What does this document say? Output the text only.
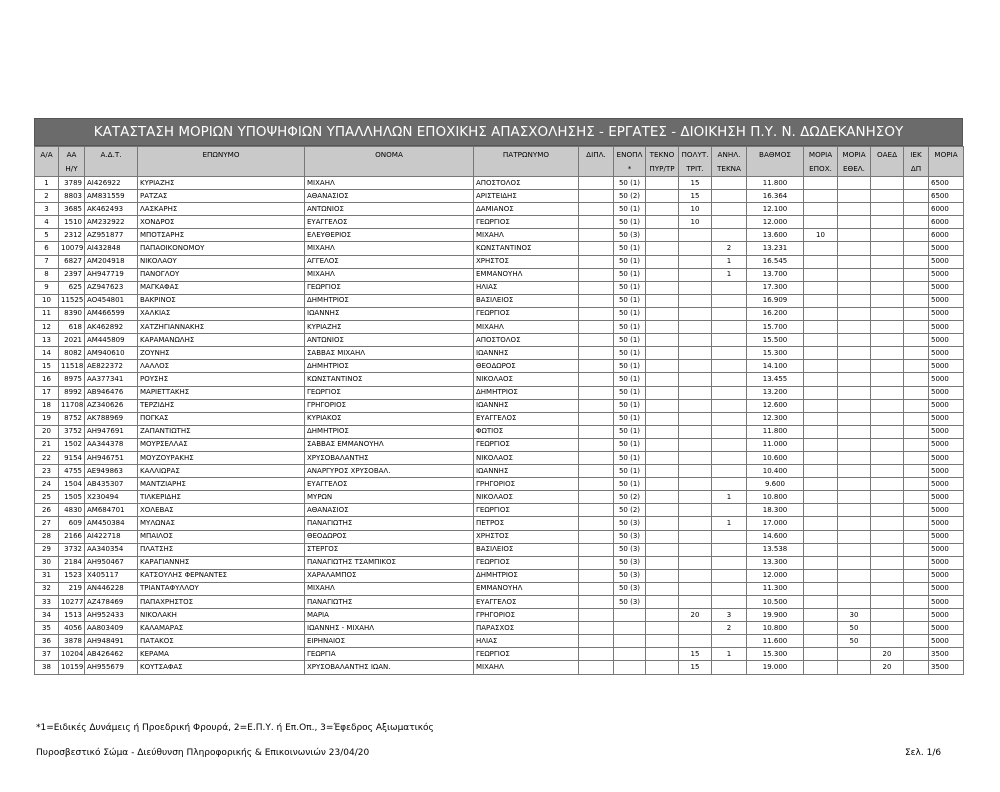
ΚΑΤΑΣΤΑΣΗ ΜΟΡΙΩΝ ΥΠΟΨΗΦΙΩΝ ΥΠΑΛΛΗΛΩΝ ΕΠΟΧΙΚΗΣ ΑΠΑΣΧΟΛΗΣΗΣ - ΕΡΓΑΤΕΣ - ΔΙΟΙΚΗΣΗ Π.Υ. Ν. ΔΩΔΕΚΑΝΗΣΟΥ
Α/Α	ΑΑ	Α.Δ.Τ.	ΕΠΩΝΥΜΟ	ΟΝΟΜΑ	ΠΑΤΡΩΝΥΜΟ	ΔΙΠΛ.	ΕΝΟΠΛ	ΤΕΚΝΟ	ΠΟΛΥΤ.	ΑΝΗΛ.	ΒΑΘΜΟΣ	ΜΟΡΙΑ	ΜΟΡΙΑ	ΟΑΕΔ	ΙΕΚ	ΜΟΡΙΑ
	Η/Υ						*	ΠΥΡ/ΤΡ	ΤΡΙΤ.	ΤΕΚΝΑ		ΕΠΟΧ.	ΕΘΕΛ.		ΔΠ	
1	3789	ΑΙ426922	ΚΥΡΙΑΖΗΣ	ΜΙΧΑΗΛ	ΑΠΟΣΤΟΛΟΣ		50 (1)		15		11.800					6500
2	8803	ΑΜ831559	ΡΑΤΖΑΣ	ΑΘΑΝΑΣΙΟΣ	ΑΡΙΣΤΕΙΔΗΣ		50 (2)		15		16.364					6500
3	3685	ΑΚ462493	ΛΑΣΚΑΡΗΣ	ΑΝΤΩΝΙΟΣ	ΔΑΜΙΑΝΟΣ		50 (1)		10		12.100					6000
4	1510	ΑΜ232922	ΧΟΝΔΡΟΣ	ΕΥΑΓΓΕΛΟΣ	ΓΕΩΡΓΙΟΣ		50 (1)		10		12.000					6000
5	2312	ΑΖ951877	ΜΠΟΤΣΑΡΗΣ	ΕΛΕΥΘΕΡΙΟΣ	ΜΙΧΑΗΛ		50 (3)				13.600	10				6000
6	10079	ΑΙ432848	ΠΑΠΑΟΙΚΟΝΟΜΟΥ	ΜΙΧΑΗΛ	ΚΩΝΣΤΑΝΤΙΝΟΣ		50 (1)			2	13.231					5000
7	6827	ΑΜ204918	ΝΙΚΟΛΑΟΥ	ΑΓΓΕΛΟΣ	ΧΡΗΣΤΟΣ		50 (1)			1	16.545					5000
8	2397	ΑΗ947719	ΠΑΝΟΓΛΟΥ	ΜΙΧΑΗΛ	ΕΜΜΑΝΟΥΗΛ		50 (1)			1	13.700					5000
9	625	ΑΖ947623	ΜΑΓΚΑΦΑΣ	ΓΕΩΡΓΙΟΣ	ΗΛΙΑΣ		50 (1)				17.300					5000
10	11525	ΑΟ454801	ΒΑΚΡΙΝΟΣ	ΔΗΜΗΤΡΙΟΣ	ΒΑΣΙΛΕΙΟΣ		50 (1)				16.909					5000
11	8390	ΑΜ466599	ΧΑΛΚΙΑΣ	ΙΩΑΝΝΗΣ	ΓΕΩΡΓΙΟΣ		50 (1)				16.200					5000
12	618	ΑΚ462892	ΧΑΤΖΗΓΙΑΝΝΑΚΗΣ	ΚΥΡΙΑΖΗΣ	ΜΙΧΑΗΛ		50 (1)				15.700					5000
13	2021	ΑΜ445809	ΚΑΡΑΜΑΝΩΛΗΣ	ΑΝΤΩΝΙΟΣ	ΑΠΟΣΤΟΛΟΣ		50 (1)				15.500					5000
14	8082	ΑΜ940610	ΖΟΥΝΗΣ	ΣΑΒΒΑΣ ΜΙΧΑΗΛ	ΙΩΑΝΝΗΣ		50 (1)				15.300					5000
15	11518	ΑΕ822372	ΛΑΛΛΟΣ	ΔΗΜΗΤΡΙΟΣ	ΘΕΟΔΩΡΟΣ		50 (1)				14.100					5000
16	8975	ΑΑ377341	ΡΟΥΣΗΣ	ΚΩΝΣΤΑΝΤΙΝΟΣ	ΝΙΚΟΛΑΟΣ		50 (1)				13.455					5000
17	8992	ΑΒ946476	ΜΑΡΙΕΤΤΑΚΗΣ	ΓΕΩΡΓΙΟΣ	ΔΗΜΗΤΡΙΟΣ		50 (1)				13.200					5000
18	11708	ΑΖ340626	ΤΕΡΖΙΔΗΣ	ΓΡΗΓΟΡΙΟΣ	ΙΩΑΝΝΗΣ		50 (1)				12.600					5000
19	8752	ΑΚ788969	ΠΟΓΚΑΣ	ΚΥΡΙΑΚΟΣ	ΕΥΑΓΓΕΛΟΣ		50 (1)				12.300					5000
20	3752	ΑΗ947691	ΖΑΠΑΝΤΙΩΤΗΣ	ΔΗΜΗΤΡΙΟΣ	ΦΩΤΙΟΣ		50 (1)				11.800					5000
21	1502	ΑΑ344378	ΜΟΥΡΣΕΛΛΑΣ	ΣΑΒΒΑΣ ΕΜΜΑΝΟΥΗΛ	ΓΕΩΡΓΙΟΣ		50 (1)				11.000					5000
22	9154	ΑΗ946751	ΜΟΥΖΟΥΡΑΚΗΣ	ΧΡΥΣΟΒΑΛΑΝΤΗΣ	ΝΙΚΟΛΑΟΣ		50 (1)				10.600					5000
23	4755	ΑΕ949863	ΚΑΛΛΙΩΡΑΣ	ΑΝΑΡΓΥΡΟΣ ΧΡΥΣΟΒΑΛ.	ΙΩΑΝΝΗΣ		50 (1)				10.400					5000
24	1504	ΑΒ435307	ΜΑΝΤΖΙΑΡΗΣ	ΕΥΑΓΓΕΛΟΣ	ΓΡΗΓΟΡΙΟΣ		50 (1)				9.600					5000
25	1505	Χ230494	ΤΙΛΚΕΡΙΔΗΣ	ΜΥΡΩΝ	ΝΙΚΟΛΑΟΣ		50 (2)			1	10.800					5000
26	4830	ΑΜ684701	ΧΟΛΕΒΑΣ	ΑΘΑΝΑΣΙΟΣ	ΓΕΩΡΓΙΟΣ		50 (2)				18.300					5000
27	609	ΑΜ450384	ΜΥΛΩΝΑΣ	ΠΑΝΑΓΙΩΤΗΣ	ΠΕΤΡΟΣ		50 (3)			1	17.000					5000
28	2166	ΑΙ422718	ΜΠΑΙΛΟΣ	ΘΕΟΔΩΡΟΣ	ΧΡΗΣΤΟΣ		50 (3)				14.600					5000
29	3732	ΑΑ340354	ΠΛΑΤΣΗΣ	ΣΤΕΡΓΟΣ	ΒΑΣΙΛΕΙΟΣ		50 (3)				13.538					5000
30	2184	ΑΗ950467	ΚΑΡΑΓΙΑΝΝΗΣ	ΠΑΝΑΓΙΩΤΗΣ ΤΣΑΜΠΙΚΟΣ	ΓΕΩΡΓΙΟΣ		50 (3)				13.300					5000
31	1523	Χ405117	ΚΑΤΣΟΥΛΗΣ ΦΕΡΝΑΝΤΕΣ	ΧΑΡΑΛΑΜΠΟΣ	ΔΗΜΗΤΡΙΟΣ		50 (3)				12.000					5000
32	219	ΑΝ446228	ΤΡΙΑΝΤΑΦΥΛΛΟΥ	ΜΙΧΑΗΛ	ΕΜΜΑΝΟΥΗΛ		50 (3)				11.300					5000
33	10277	ΑΖ478469	ΠΑΠΑΧΡΗΣΤΟΣ	ΠΑΝΑΓΙΩΤΗΣ	ΕΥΑΓΓΕΛΟΣ		50 (3)				10.500					5000
34	1513	ΑΗ952433	ΝΙΚΟΛΑΚΗ	ΜΑΡΙΑ	ΓΡΗΓΟΡΙΟΣ				20	3	19.900		30			5000
35	4056	ΑΑ803409	ΚΑΛΑΜΑΡΑΣ	ΙΩΑΝΝΗΣ - ΜΙΧΑΗΛ	ΠΑΡΑΣΧΟΣ					2	10.800		50			5000
36	3878	ΑΗ948491	ΠΑΤΑΚΟΣ	ΕΙΡΗΝΑΙΟΣ	ΗΛΙΑΣ						11.600		50			5000
37	10204	ΑΒ426462	ΚΕΡΑΜΑ	ΓΕΩΡΓΙΑ	ΓΕΩΡΓΙΟΣ				15	1	15.300			20		3500
38	10159	ΑΗ955679	ΚΟΥΤΣΑΦΑΣ	ΧΡΥΣΟΒΑΛΑΝΤΗΣ ΙΩΑΝ.	ΜΙΧΑΗΛ				15		19.000			20		3500
*1=Ειδικές Δυνάμεις ή Προεδρική Φρουρά, 2=Ε.Π.Υ. ή Επ.Οπ., 3=Έφεδρος Αξιωματικός
Πυροσβεστικό Σώμα - Διεύθυνση Πληροφορικής & Επικοινωνιών 23/04/20	Σελ. 1/6
